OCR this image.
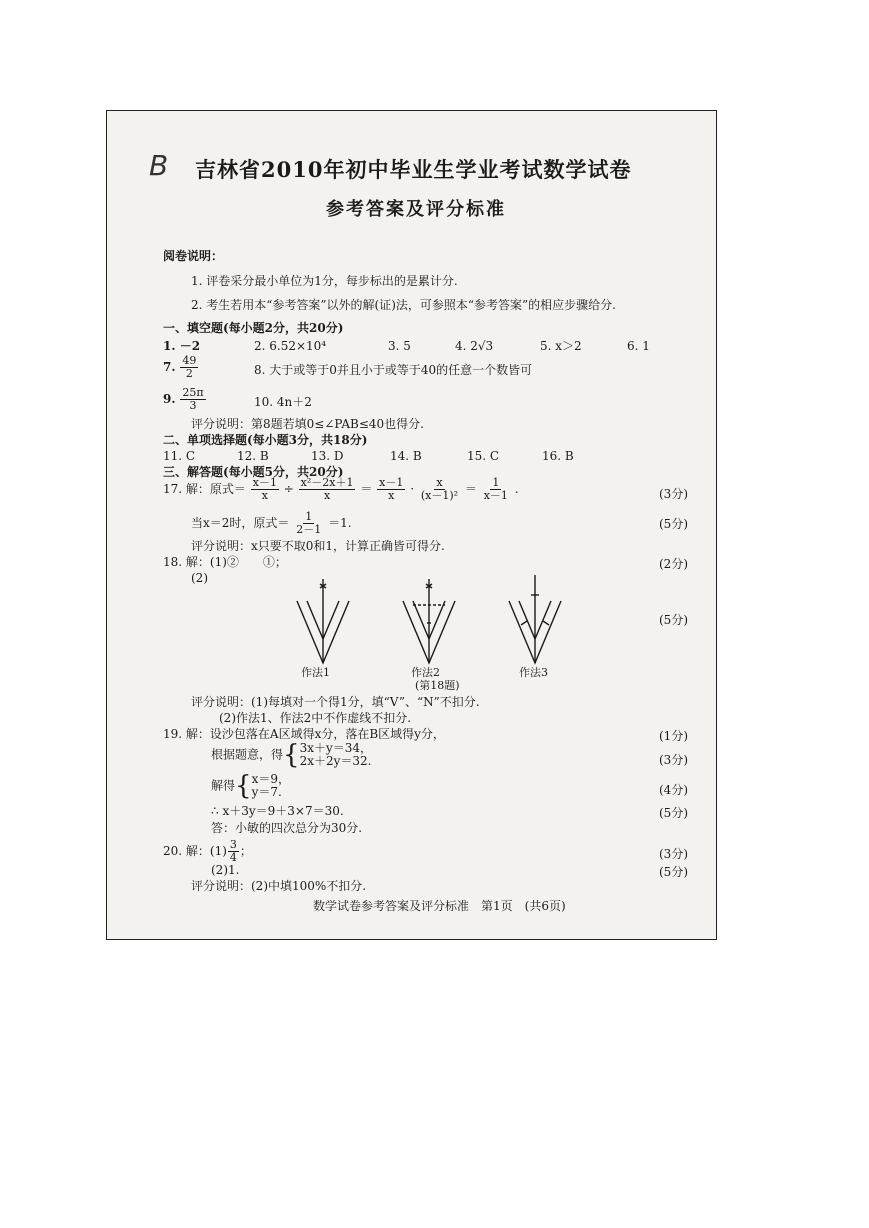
B 吉林省2010年初中毕业生学业考试数学试卷
参考答案及评分标准
阅卷说明：
1. 评卷采分最小单位为1分，每步标出的是累计分.
2. 考生若用本“参考答案”以外的解(证)法，可参照本“参考答案”的相应步骤给分.
一、填空题(每小题2分，共20分)
1. －2	2. 6.52×10⁴	3. 5	4. 2√3	5. x＞2	6. 1
7. $\frac{49}{2}$	8. 大于或等于0并且小于或等于40的任意一个数皆可
9. $\frac{25\pi}{3}$	10. 4n＋2
评分说明：第8题若填0≤∠PAB≤40也得分.
二、单项选择题(每小题3分，共18分)
11. C	12. B	13. D	14. B	15. C	16. B
三、解答题(每小题5分，共20分)
17. 解：原式＝ $\frac{x-1}{x} \div \frac{\text{x²－2x＋1}}{x} = \frac{x-1}{x} \cdot \frac{x}{\text{(x－1)²}} = \frac{1}{x-1}$ .	(3分)
当x＝2时，原式＝ $\frac{1}{2-1} =1$.	(5分)
评分说明：x只要不取0和1，计算正确皆可得分.
18. 解：(1)②　　①；	(2分)
(2)
(5分)
作法1	作法2	作法3
(第18题)
评分说明：(1)每填对一个得1分，填“V”、“N”不扣分.
(2)作法1、作法2中不作虚线不扣分.
19. 解：设沙包落在A区域得x分，落在B区域得y分，	(1分)
根据题意，得{ 3x＋y＝34，
2x＋2y＝32.	(3分)
解得{ x＝9，
y＝7.	(4分)
∴ x＋3y＝9＋3×7＝30.	(5分)
答：小敏的四次总分为30分.
20. 解：$(1) \frac{3}{4}$ ；	(3分)
(2)1.	(5分)
评分说明：(2)中填100%不扣分.
数学试卷参考答案及评分标准　第1页　(共6页)
